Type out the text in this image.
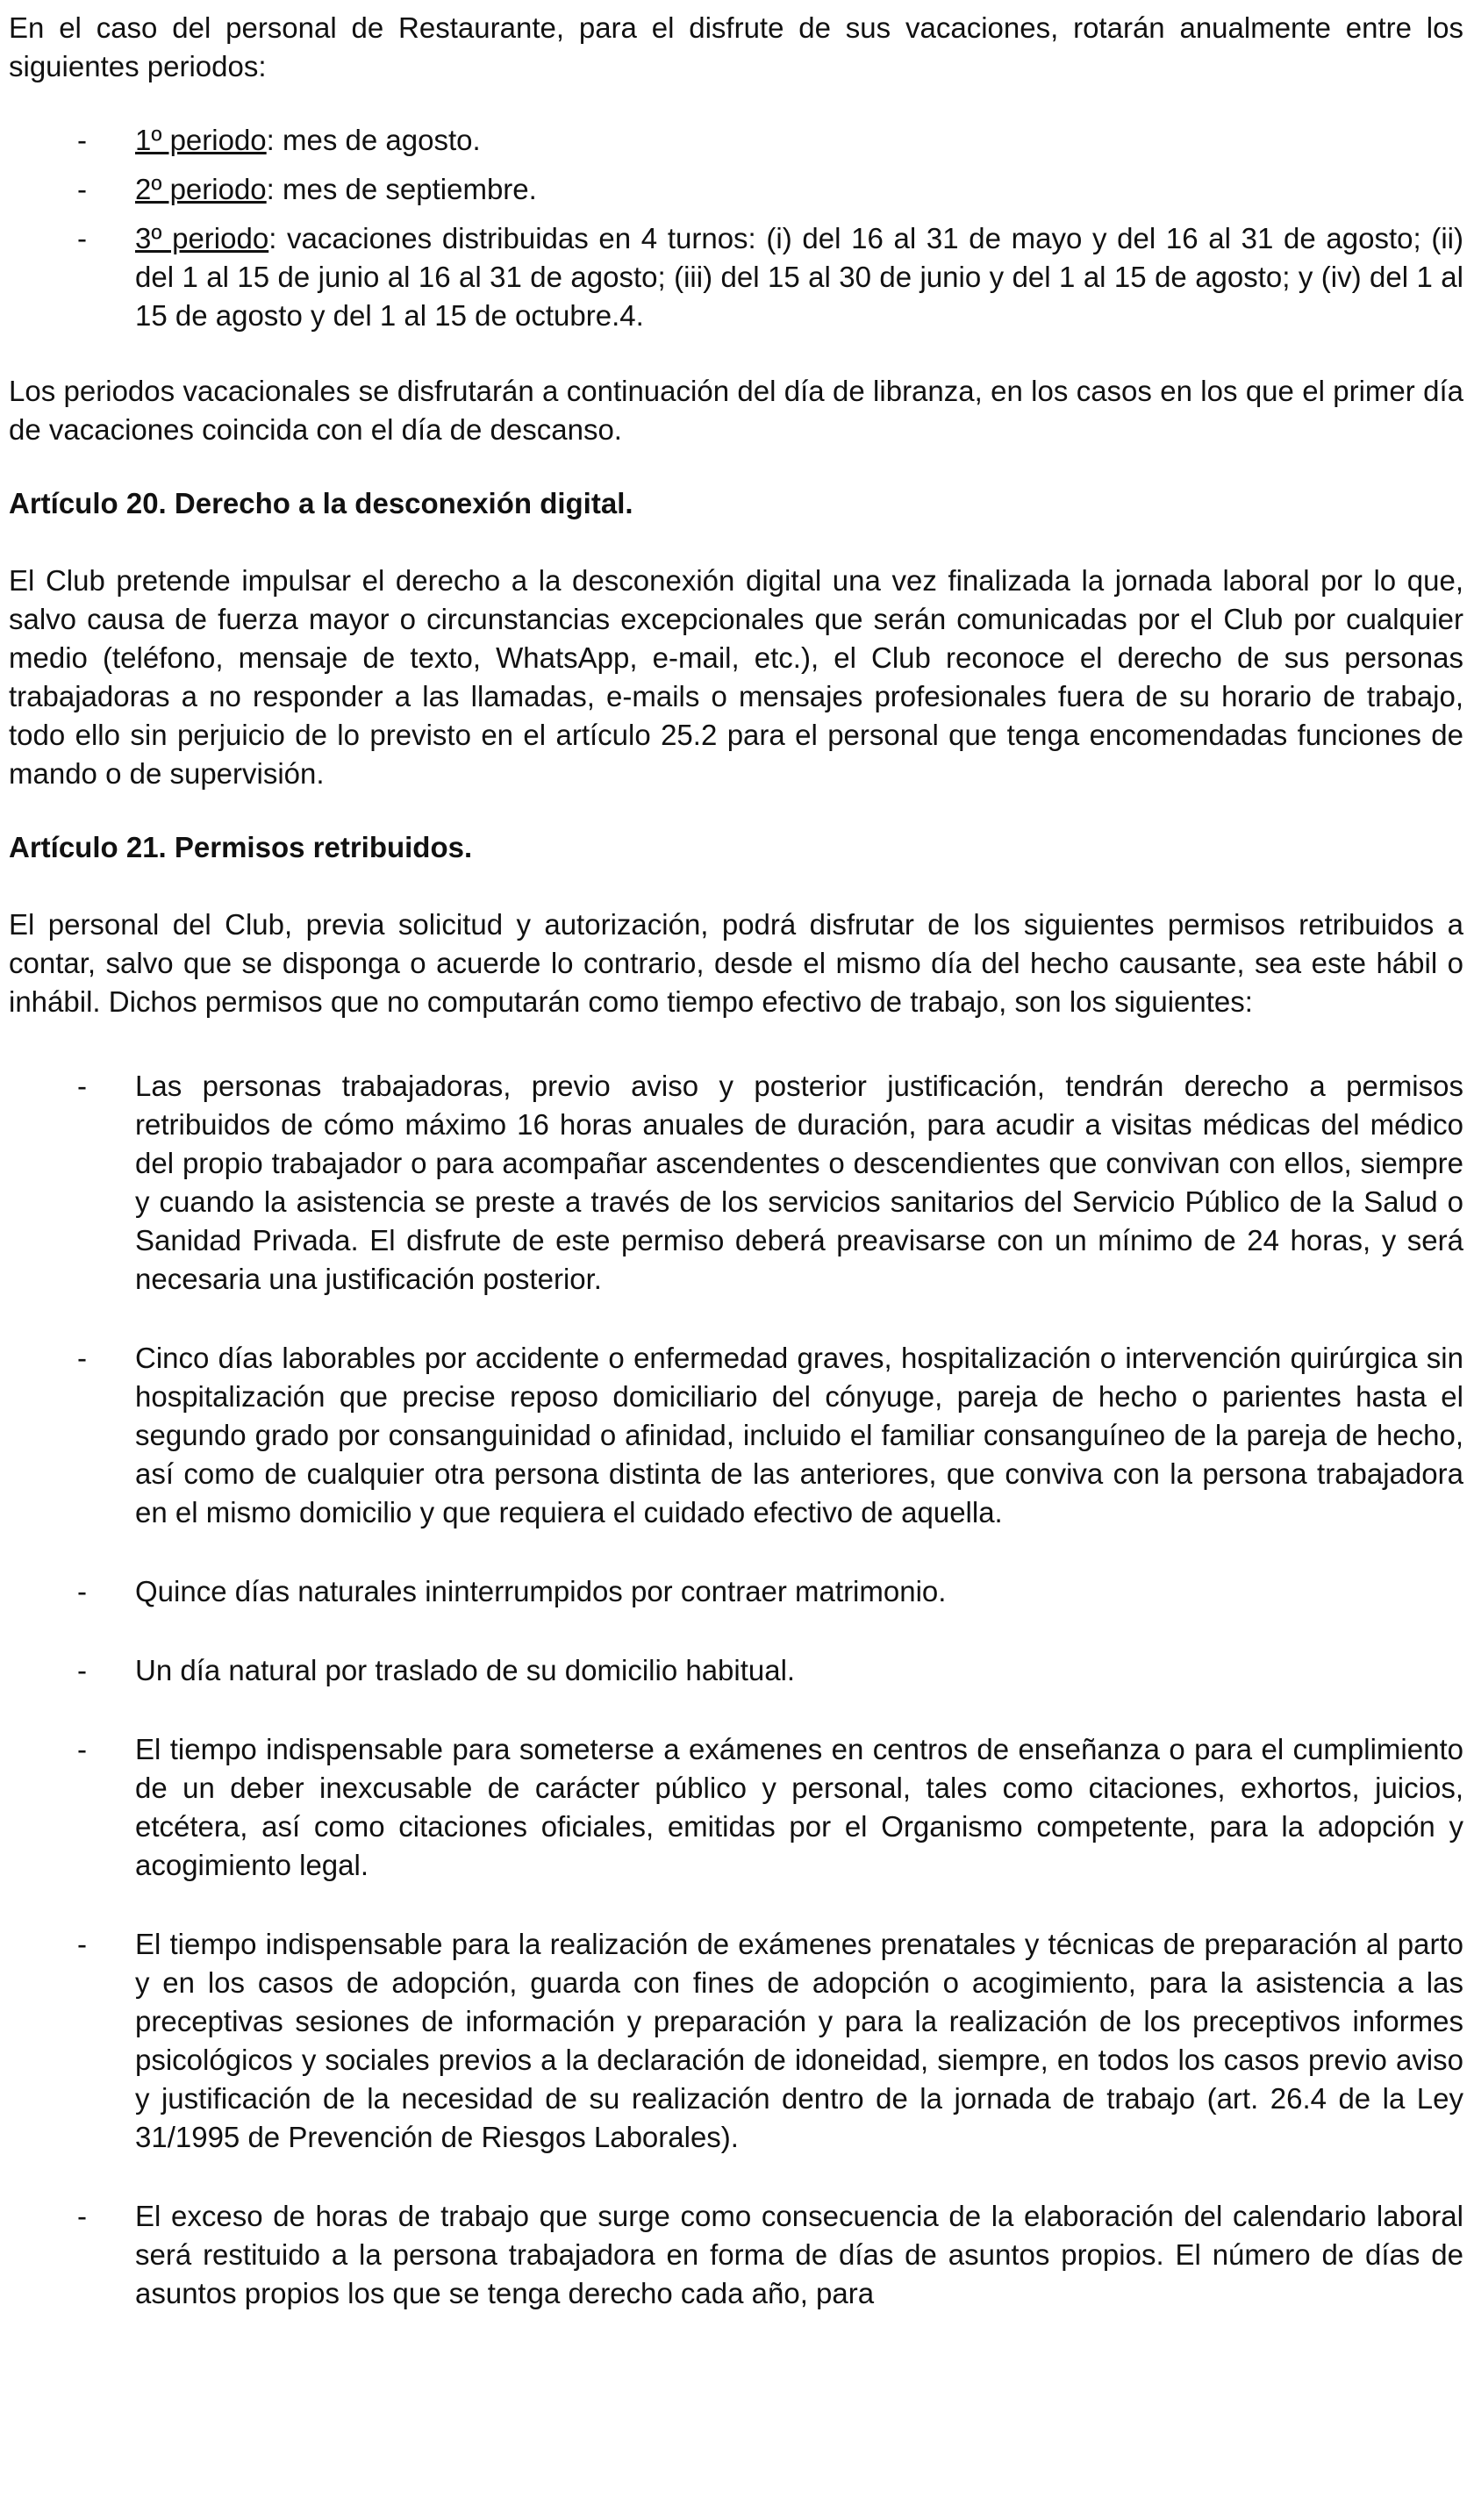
En el caso del personal de Restaurante, para el disfrute de sus vacaciones, rotarán anualmente entre los siguientes periodos:

-	1º periodo: mes de agosto.
-	2º periodo: mes de septiembre.
-	3º periodo: vacaciones distribuidas en 4 turnos: (i) del 16 al 31 de mayo y del 16 al 31 de agosto; (ii) del 1 al 15 de junio al 16 al 31 de agosto; (iii) del 15 al 30 de junio y del 1 al 15 de agosto; y (iv) del 1 al 15 de agosto y del 1 al 15 de octubre.4.

Los periodos vacacionales se disfrutarán a continuación del día de libranza, en los casos en los que el primer día de vacaciones coincida con el día de descanso.

Artículo 20. Derecho a la desconexión digital.

El Club pretende impulsar el derecho a la desconexión digital una vez finalizada la jornada laboral por lo que, salvo causa de fuerza mayor o circunstancias excepcionales que serán comunicadas por el Club por cualquier medio (teléfono, mensaje de texto, WhatsApp, e-mail, etc.), el Club reconoce el derecho de sus personas trabajadoras a no responder a las llamadas, e-mails o mensajes profesionales fuera de su horario de trabajo, todo ello sin perjuicio de lo previsto en el artículo 25.2 para el personal que tenga encomendadas funciones de mando o de supervisión.

Artículo 21. Permisos retribuidos.

El personal del Club, previa solicitud y autorización, podrá disfrutar de los siguientes permisos retribuidos a contar, salvo que se disponga o acuerde lo contrario, desde el mismo día del hecho causante, sea este hábil o inhábil. Dichos permisos que no computarán como tiempo efectivo de trabajo, son los siguientes:

-	Las personas trabajadoras, previo aviso y posterior justificación, tendrán derecho a permisos retribuidos de cómo máximo 16 horas anuales de duración, para acudir a visitas médicas del médico del propio trabajador o para acompañar ascendentes o descendientes que convivan con ellos, siempre y cuando la asistencia se preste a través de los servicios sanitarios del Servicio Público de la Salud o Sanidad Privada. El disfrute de este permiso deberá preavisarse con un mínimo de 24 horas, y será necesaria una justificación posterior.
-	Cinco días laborables por accidente o enfermedad graves, hospitalización o intervención quirúrgica sin hospitalización que precise reposo domiciliario del cónyuge, pareja de hecho o parientes hasta el segundo grado por consanguinidad o afinidad, incluido el familiar consanguíneo de la pareja de hecho, así como de cualquier otra persona distinta de las anteriores, que conviva con la persona trabajadora en el mismo domicilio y que requiera el cuidado efectivo de aquella.
-	Quince días naturales ininterrumpidos por contraer matrimonio.
-	Un día natural por traslado de su domicilio habitual.
-	El tiempo indispensable para someterse a exámenes en centros de enseñanza o para el cumplimiento de un deber inexcusable de carácter público y personal, tales como citaciones, exhortos, juicios, etcétera, así como citaciones oficiales, emitidas por el Organismo competente, para la adopción y acogimiento legal.
-	El tiempo indispensable para la realización de exámenes prenatales y técnicas de preparación al parto y en los casos de adopción, guarda con fines de adopción o acogimiento, para la asistencia a las preceptivas sesiones de información y preparación y para la realización de los preceptivos informes psicológicos y sociales previos a la declaración de idoneidad, siempre, en todos los casos previo aviso y justificación de la necesidad de su realización dentro de la jornada de trabajo (art. 26.4 de la Ley 31/1995 de Prevención de Riesgos Laborales).
-	El exceso de horas de trabajo que surge como consecuencia de la elaboración del calendario laboral será restituido a la persona trabajadora en forma de días de asuntos propios. El número de días de asuntos propios los que se tenga derecho cada año, para
